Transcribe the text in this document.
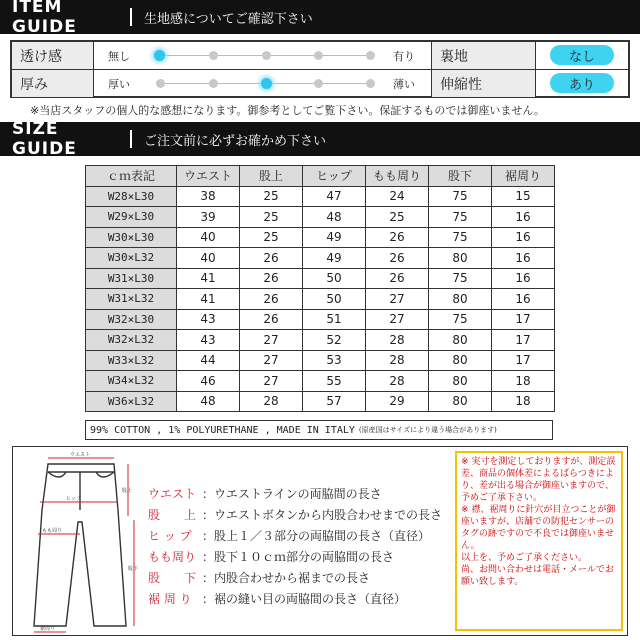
ITEM GUIDE	生地感についてご確認下さい
透け感	無し	有り	裏地	なし
厚み	厚い	薄い	伸縮性	あり
※当店スタッフの個人的な感想になります。御参考としてご覧下さい。保証するものでは御座いません。
SIZE GUIDE	ご注文前に必ずお確かめ下さい
ｃｍ表記	ウエスト	股上	ヒップ	もも周り	股下	裾周り
W28×L30	38	25	47	24	75	15
W29×L30	39	25	48	25	75	16
W30×L30	40	25	49	26	75	16
W30×L32	40	26	49	26	80	16
W31×L30	41	26	50	26	75	16
W31×L32	41	26	50	27	80	16
W32×L30	43	26	51	27	75	17
W32×L32	43	27	52	28	80	17
W33×L32	44	27	53	28	80	17
W34×L32	46	27	55	28	80	18
W36×L32	48	28	57	29	80	18
99% COTTON , 1% POLYURETHANE , MADE IN ITALY (原産国はサイズにより違う場合があります)
ウエスト
ヒップ
股上
もも周り
股下
裾周り
ウエスト ：ウエストラインの両脇間の長さ
股　　上 ：ウエストボタンから内股合わせまでの長さ
ヒ ッ プ ：股上１／３部分の両脇間の長さ（直径）
もも周り ：股下１０ｃｍ部分の両脇間の長さ
股　　下 ：内股合わせから裾までの長さ
裾 周 り ：裾の縫い目の両脇間の長さ（直径）
※ 実寸を測定しておりますが、測定誤差、商品の個体差によるばらつきにより、差が出る場合が御座いますので、予めご了承下さい。
※ 襟、裾周りに針穴が目立つことが御座いますが、店舗での防犯センサーのタグの跡ですので不良では御座いません。
以上を、予めご了承ください。
尚、お問い合わせは電話・メールでお願い致します。
